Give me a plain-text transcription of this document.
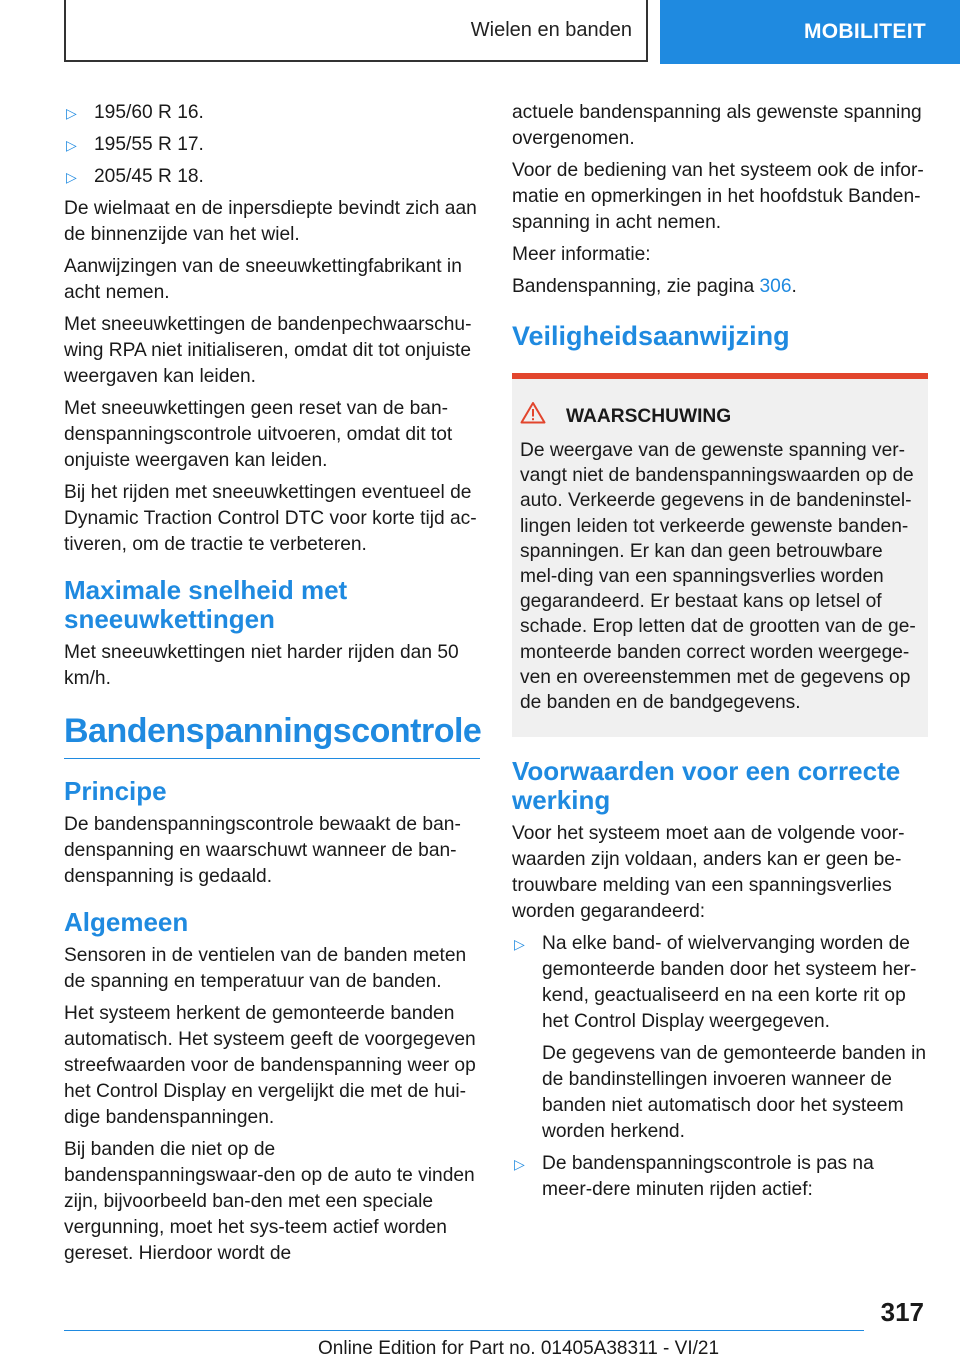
Wielen en banden	MOBILITEIT
▷ 195/60 R 16.
▷ 195/55 R 17.
▷ 205/45 R 18.

De wielmaat en de inpersdiepte bevindt zich aan de binnenzijde van het wiel.

Aanwijzingen van de sneeuwkettingfabrikant in acht nemen.

Met sneeuwkettingen de bandenpechwaarschu-wing RPA niet initialiseren, omdat dit tot onjuiste weergaven kan leiden.

Met sneeuwkettingen geen reset van de ban-denspanningscontrole uitvoeren, omdat dit tot onjuiste weergaven kan leiden.

Bij het rijden met sneeuwkettingen eventueel de Dynamic Traction Control DTC voor korte tijd ac-tiveren, om de tractie te verbeteren.

Maximale snelheid met sneeuwkettingen

Met sneeuwkettingen niet harder rijden dan 50 km/h.

Bandenspanningscontrole
Principe

De bandenspanningscontrole bewaakt de ban-denspanning en waarschuwt wanneer de ban-denspanning is gedaald.

Algemeen

Sensoren in de ventielen van de banden meten de spanning en temperatuur van de banden.

Het systeem herkent de gemonteerde banden automatisch. Het systeem geeft de voorgegeven streefwaarden voor de bandenspanning weer op het Control Display en vergelijkt die met de hui-dige bandenspanningen.

Bij banden die niet op de bandenspanningswaar-den op de auto te vinden zijn, bijvoorbeeld ban-den met een speciale vergunning, moet het sys-teem actief worden gereset. Hierdoor wordt de

actuele bandenspanning als gewenste spanning overgenomen.

Voor de bediening van het systeem ook de infor-matie en opmerkingen in het hoofdstuk Banden-spanning in acht nemen.

Meer informatie:

Bandenspanning, zie pagina 306.

Veiligheidsaanwijzing
WAARSCHUWING

De weergave van de gewenste spanning ver-vangt niet de bandenspanningswaarden op de auto. Verkeerde gegevens in de bandeninstel-lingen leiden tot verkeerde gewenste banden-spanningen. Er kan dan geen betrouwbare mel-ding van een spanningsverlies worden gegarandeerd. Er bestaat kans op letsel of schade. Erop letten dat de grootten van de ge-monteerde banden correct worden weergege-ven en overeenstemmen met de gegevens op de banden en de bandgegevens.

Voorwaarden voor een correcte werking

Voor het systeem moet aan de volgende voor-waarden zijn voldaan, anders kan er geen be-trouwbare melding van een spanningsverlies worden gegarandeerd:

▷ Na elke band- of wielvervanging worden de gemonteerde banden door het systeem her-kend, geactualiseerd en na een korte rit op het Control Display weergegeven.

De gegevens van de gemonteerde banden in de bandinstellingen invoeren wanneer de banden niet automatisch door het systeem worden herkend.

▷ De bandenspanningscontrole is pas na meer-dere minuten rijden actief:

317
Online Edition for Part no. 01405A38311 - VI/21
